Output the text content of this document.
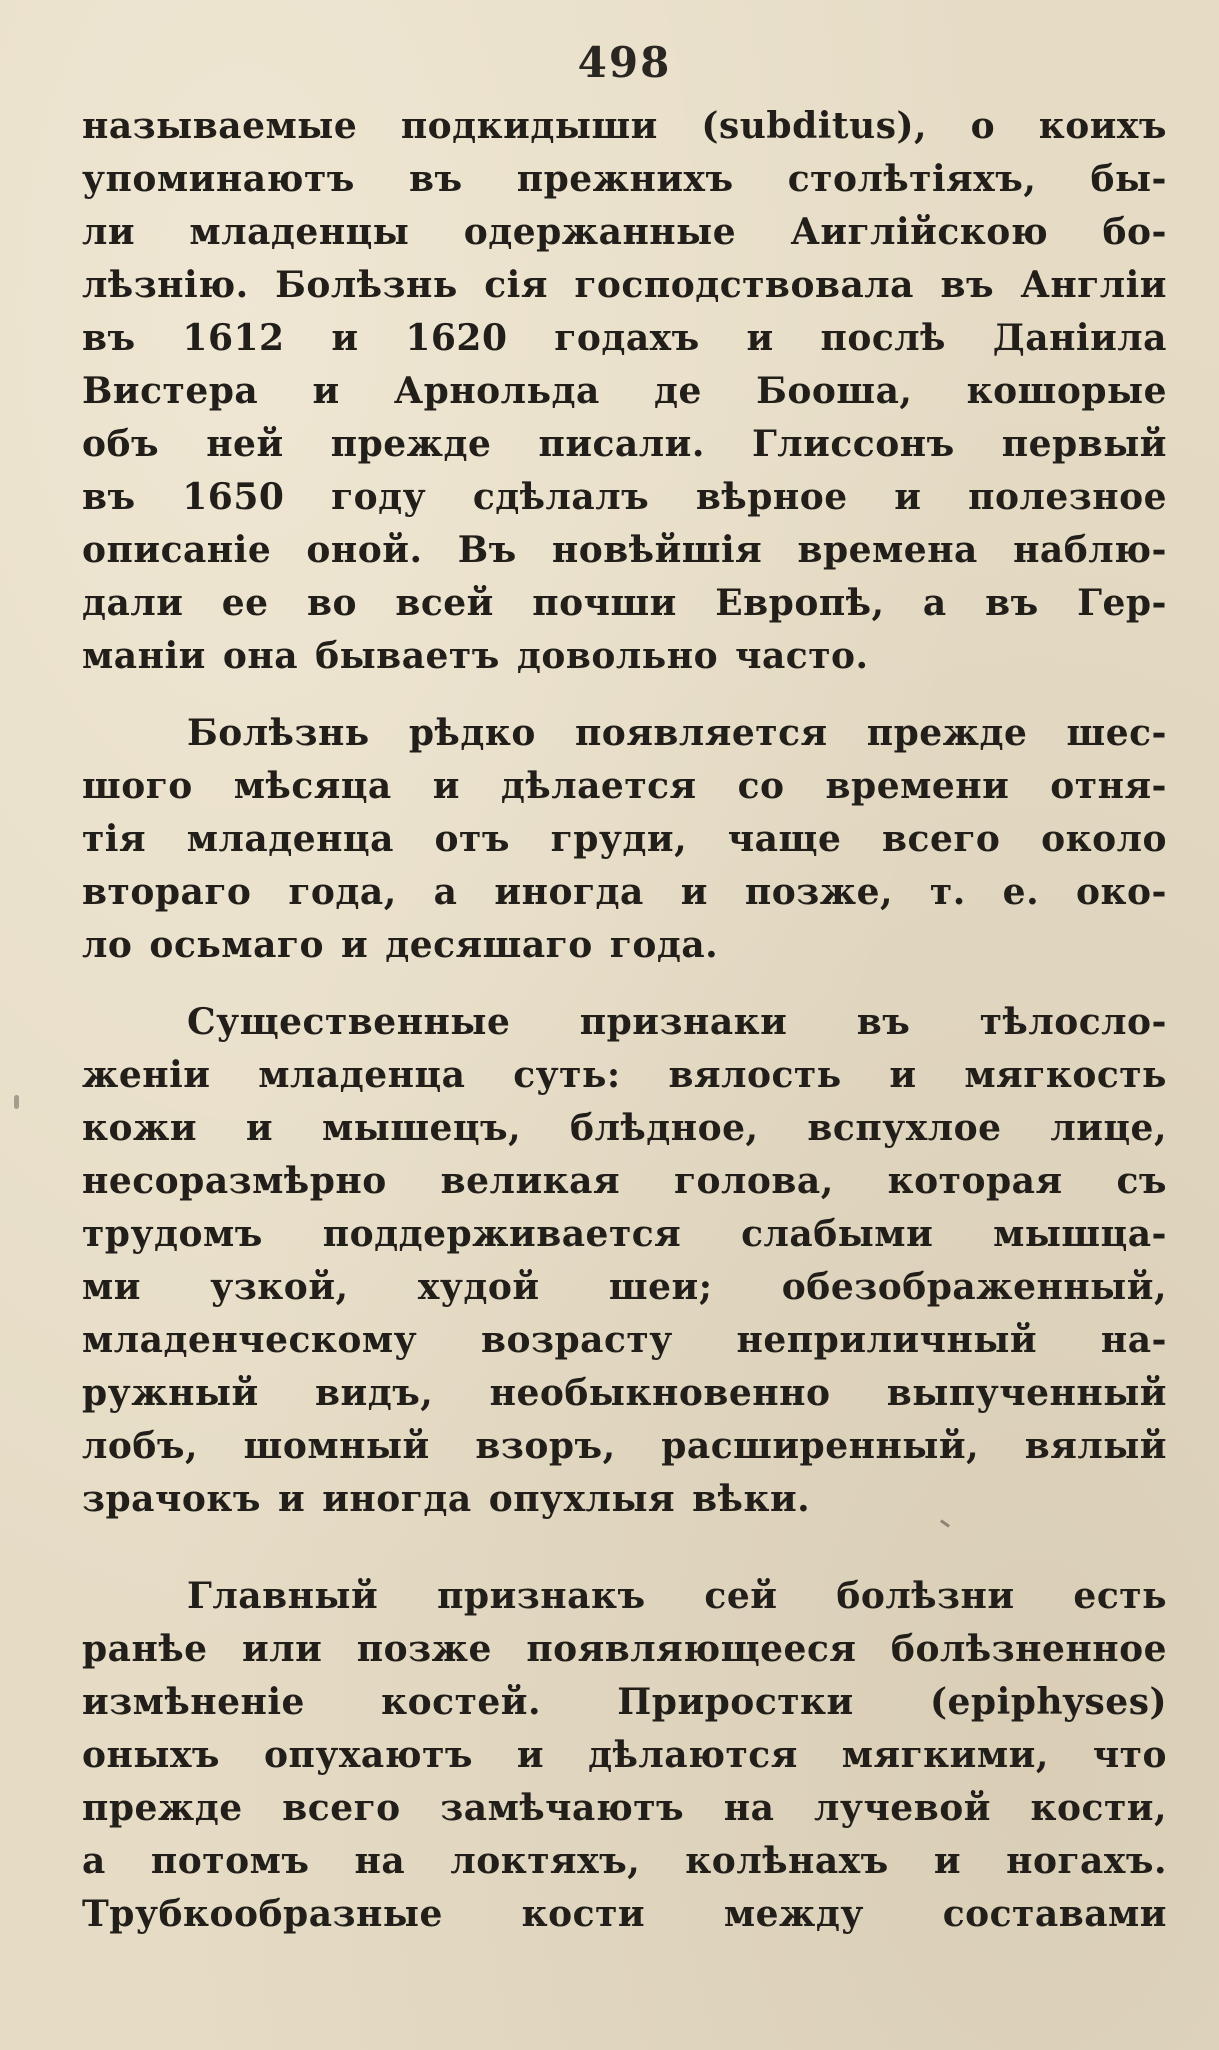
498
называемые подкидыши (subditus), о коихъ
упоминаютъ въ прежнихъ столѣтіяхъ, бы-
ли младенцы одержанные Аиглійскою бо-
лѣзнію. Болѣзнь сія господствовала въ Англіи
въ 1612 и 1620 годахъ и послѣ Даніила
Вистера и Арнольда де Бооша, кошорые
объ ней прежде писали. Глиссонъ первый
въ 1650 году сдѣлалъ вѣрное и полезное
описаніе оной. Въ новѣйшія времена наблю-
дали ее во всей почши Европѣ, а въ Гер-
маніи она бываетъ довольно часто.
Болѣзнь рѣдко появляется прежде шес-
шого мѣсяца и дѣлается со времени отня-
тія младенца отъ груди, чаще всего около
втораго года, а иногда и позже, т. е. око-
ло осьмаго и десяшаго года.
Существенные признаки въ тѣлосло-
женіи младенца суть: вялость и мягкость
кожи и мышецъ, блѣдное, вспухлое лице,
несоразмѣрно великая голова, которая съ
трудомъ поддерживается слабыми мышца-
ми узкой, худой шеи; обезображенный,
младенческому возрасту неприличный на-
ружный видъ, необыкновенно выпученный
лобъ, шомный взоръ, расширенный, вялый
зрачокъ и иногда опухлыя вѣки.
Главный признакъ сей болѣзни есть
ранѣе или позже появляющееся болѣзненное
измѣненіе костей. Приростки (epiphyses)
оныхъ опухаютъ и дѣлаются мягкими, что
прежде всего замѣчаютъ на лучевой кости,
а потомъ на локтяхъ, колѣнахъ и ногахъ.
Трубкообразные кости между составами
